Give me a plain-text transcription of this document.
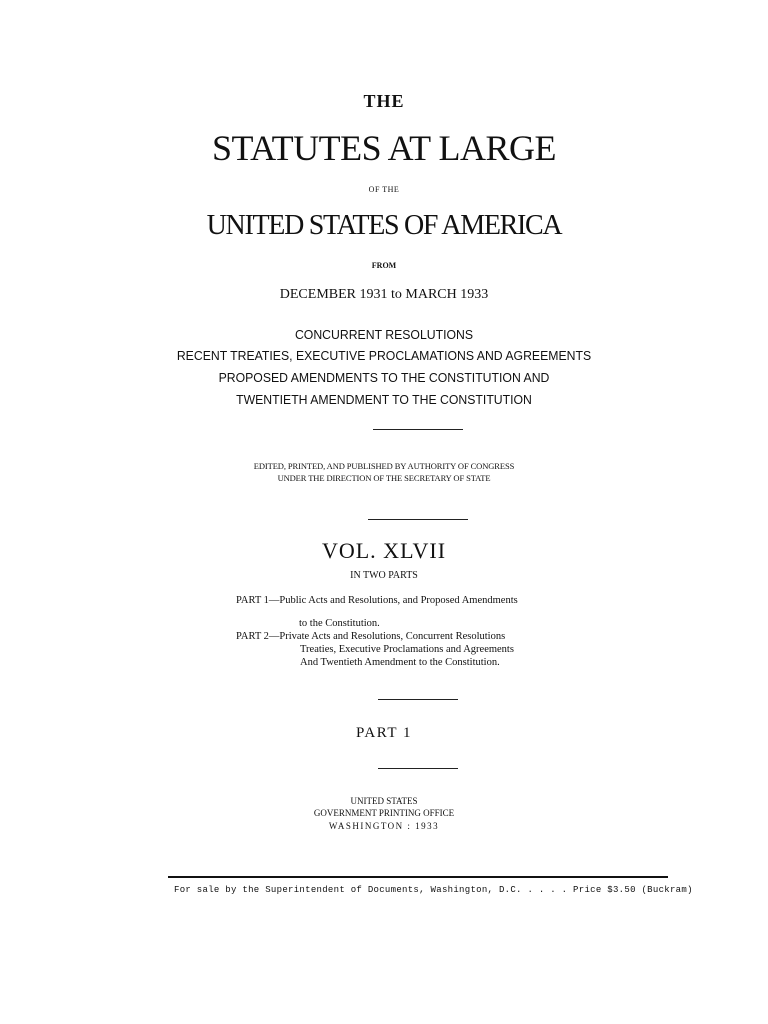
THE
STATUTES AT LARGE
OF THE
UNITED STATES OF AMERICA
FROM
DECEMBER 1931 to MARCH 1933
CONCURRENT RESOLUTIONS
RECENT TREATIES, EXECUTIVE PROCLAMATIONS AND AGREEMENTS
PROPOSED AMENDMENTS TO THE CONSTITUTION AND
TWENTIETH AMENDMENT TO THE CONSTITUTION
EDITED, PRINTED, AND PUBLISHED BY AUTHORITY OF CONGRESS
UNDER THE DIRECTION OF THE SECRETARY OF STATE
VOL. XLVII
IN TWO PARTS
PART 1—Public Acts and Resolutions, and Proposed Amendments
to the Constitution.
PART 2—Private Acts and Resolutions, Concurrent Resolutions
Treaties, Executive Proclamations and Agreements
And Twentieth Amendment to the Constitution.
PART 1
UNITED STATES
GOVERNMENT PRINTING OFFICE
WASHINGTON : 1933
For sale by the Superintendent of Documents, Washington, D.C. . . . . Price $3.50 (Buckram)
